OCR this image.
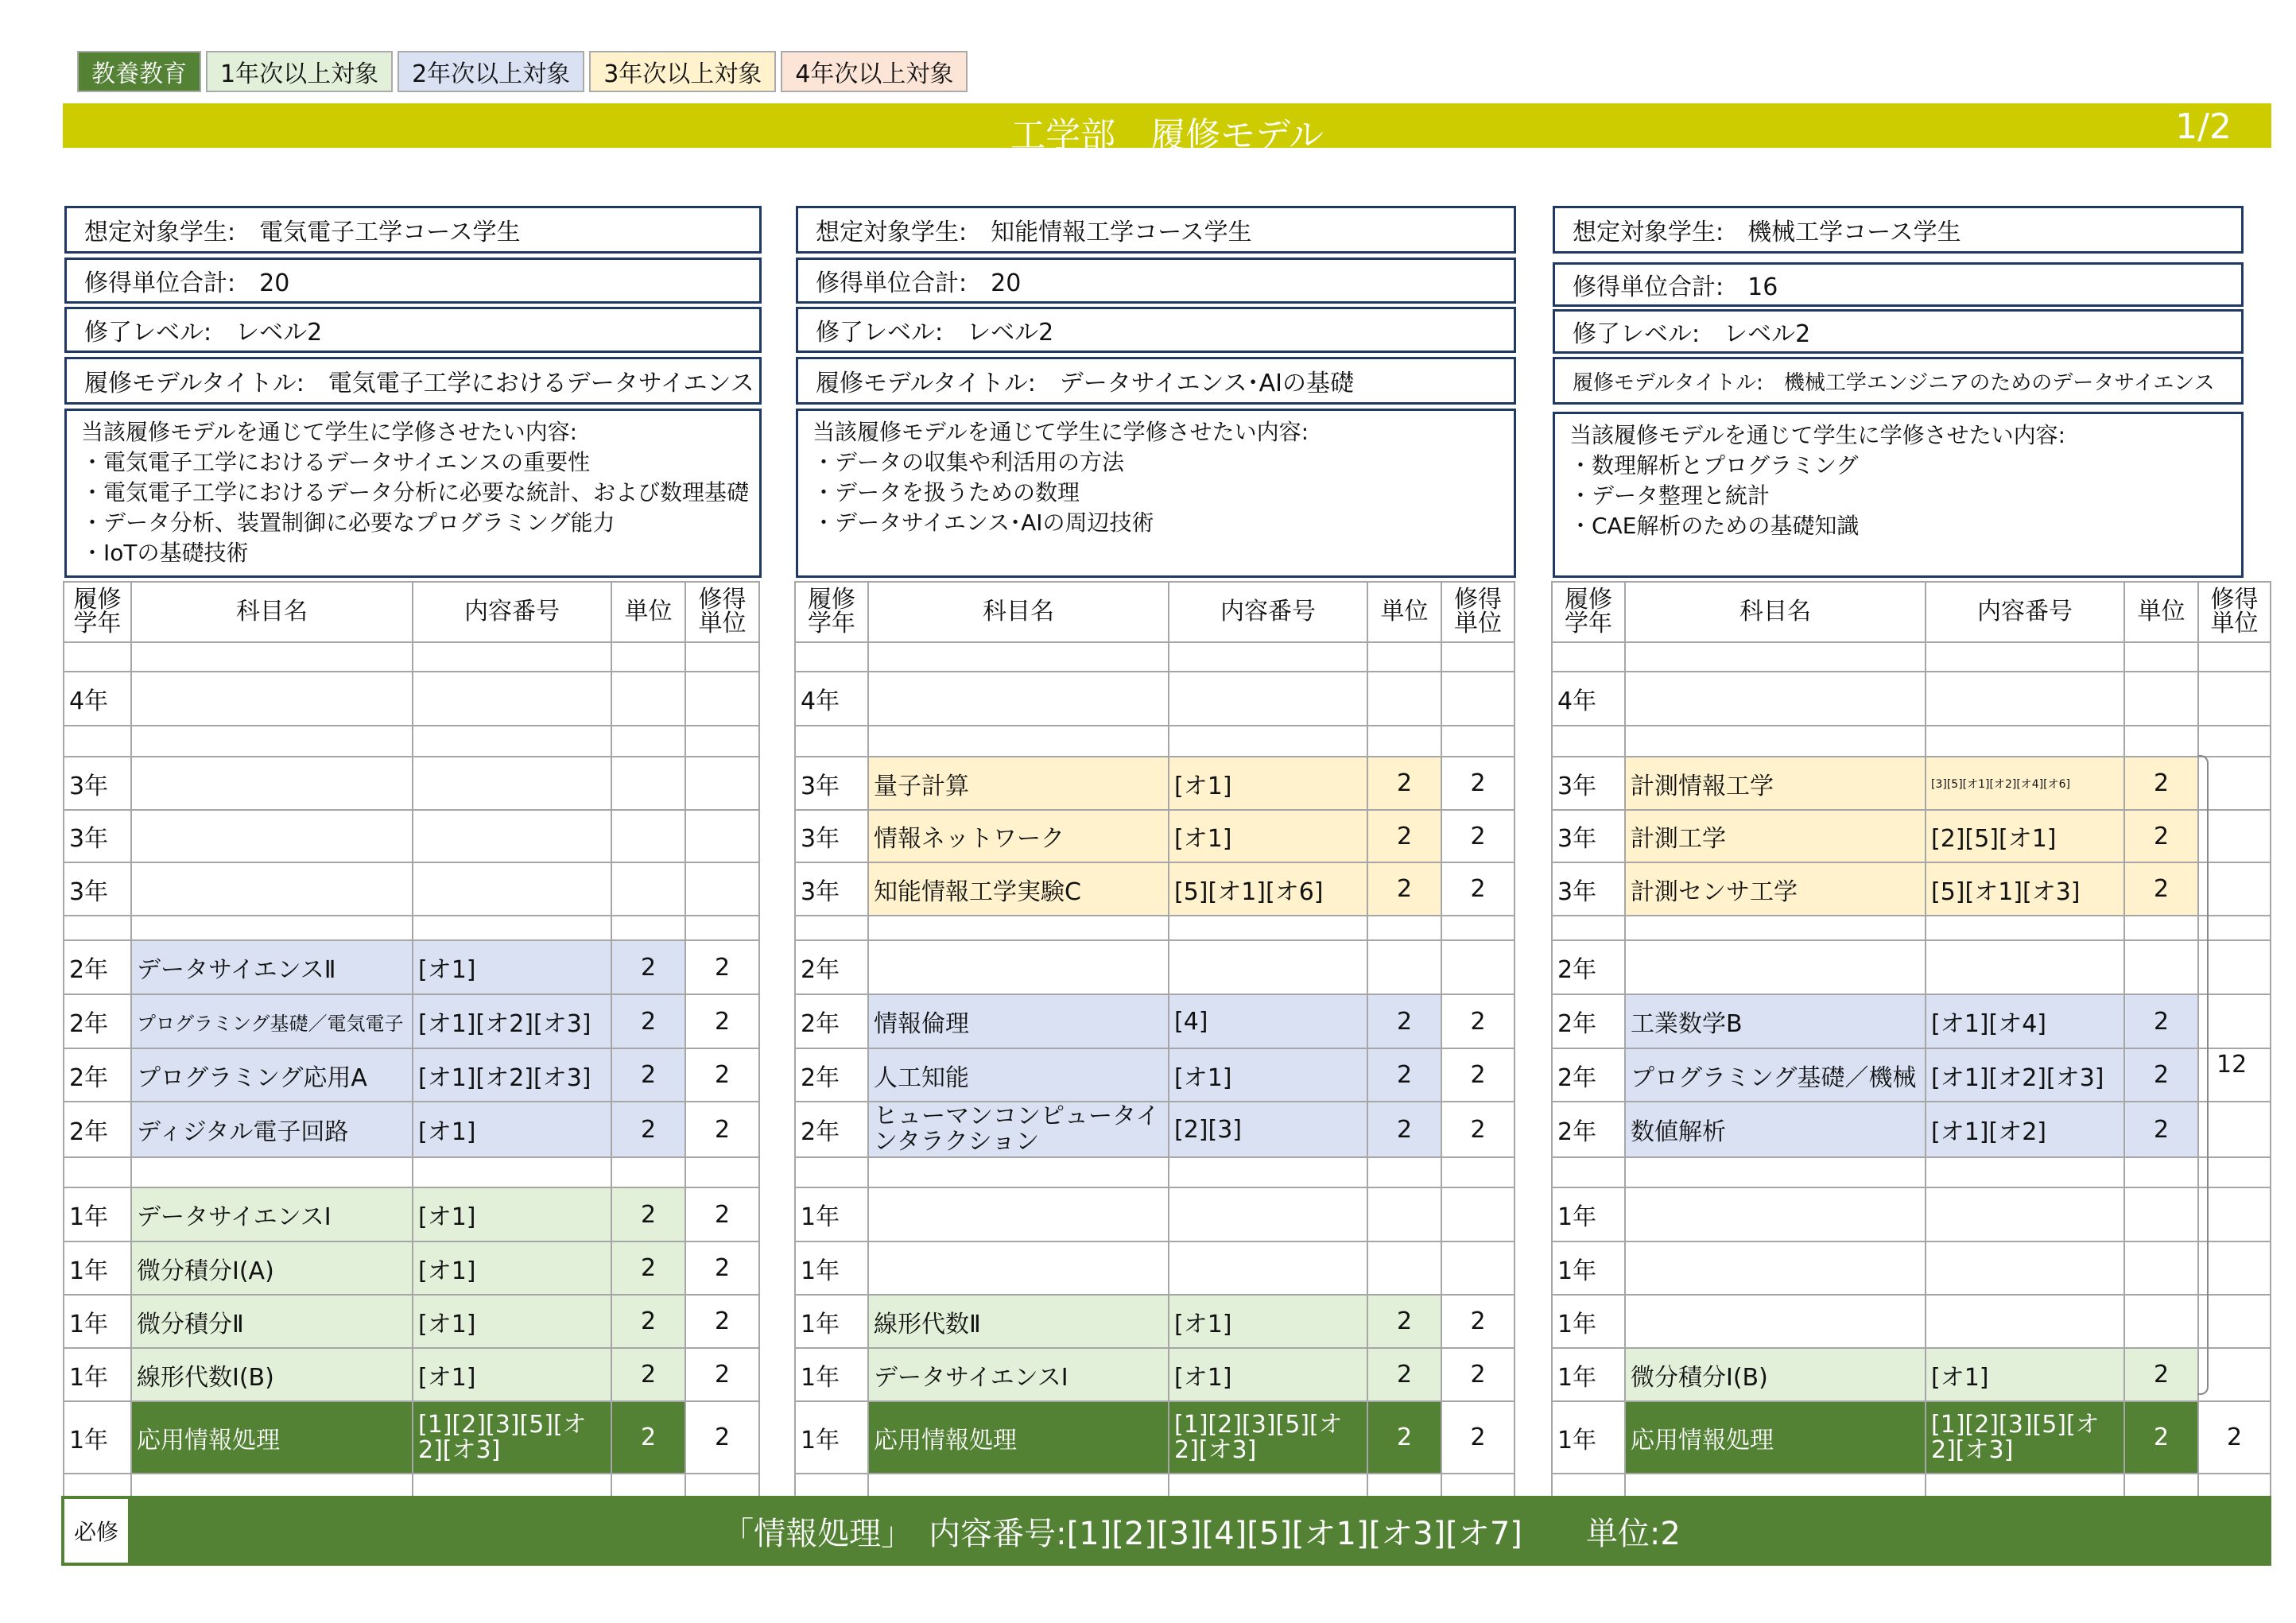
教養教育	1年次以上対象	2年次以上対象	3年次以上対象	4年次以上対象
工学部　履修モデル	1/2
想定対象学生:　電気電子工学コース学生
修得単位合計:　20
修了レベル:　レベル2
履修モデルタイトル:　電気電子工学におけるデータサイエンス
当該履修モデルを通じて学生に学修させたい内容:
・電気電子工学におけるデータサイエンスの重要性
・電気電子工学におけるデータ分析に必要な統計、および数理基礎
・データ分析、装置制御に必要なプログラミング能力
・IoTの基礎技術
想定対象学生:　知能情報工学コース学生
修得単位合計:　20
修了レベル:　レベル2
履修モデルタイトル:　データサイエンス･AIの基礎
当該履修モデルを通じて学生に学修させたい内容:
・データの収集や利活用の方法
・データを扱うための数理
・データサイエンス･AIの周辺技術
想定対象学生:　機械工学コース学生
修得単位合計:　16
修了レベル:　レベル2
履修モデルタイトル:　機械工学エンジニアのためのデータサイエンス
当該履修モデルを通じて学生に学修させたい内容:
・数理解析とプログラミング
・データ整理と統計
・CAE解析のための基礎知識
履修学年	科目名	内容番号	単位	修得単位

4年				

3年				
3年				
3年				

2年	データサイエンスⅡ	[オ1]	2	2
2年	プログラミング基礎／電気電子	[オ1][オ2][オ3]	2	2
2年	プログラミング応用A	[オ1][オ2][オ3]	2	2
2年	ディジタル電子回路	[オ1]	2	2

1年	データサイエンスⅠ	[オ1]	2	2
1年	微分積分Ⅰ(A)	[オ1]	2	2
1年	微分積分Ⅱ	[オ1]	2	2
1年	線形代数Ⅰ(B)	[オ1]	2	2
1年	応用情報処理	[1][2][3][5][オ2][オ3]	2	2

履修学年	科目名	内容番号	単位	修得単位

4年				

3年	量子計算	[オ1]	2	2
3年	情報ネットワーク	[オ1]	2	2
3年	知能情報工学実験C	[5][オ1][オ6]	2	2

2年				
2年	情報倫理	[4]	2	2
2年	人工知能	[オ1]	2	2
2年	ヒューマンコンピュータインタラクション	[2][3]	2	2

1年				
1年				
1年	線形代数Ⅱ	[オ1]	2	2
1年	データサイエンスⅠ	[オ1]	2	2
1年	応用情報処理	[1][2][3][5][オ2][オ3]	2	2

履修学年	科目名	内容番号	単位	修得単位

4年				

3年	計測情報工学	[3][5][オ1][オ2][オ4][オ6]	2	
3年	計測工学	[2][5][オ1]	2	
3年	計測センサ工学	[5][オ1][オ3]	2	

2年				
2年	工業数学B	[オ1][オ4]	2	
2年	プログラミング基礎／機械	[オ1][オ2][オ3]	2	
2年	数値解析	[オ1][オ2]	2	

1年				
1年				
1年				
1年	微分積分Ⅰ(B)	[オ1]	2	
1年	応用情報処理	[1][2][3][5][オ2][オ3]	2	2

12
必修	「情報処理」　内容番号:[1][2][3][4][5][オ1][オ3][オ7]　　単位:2
